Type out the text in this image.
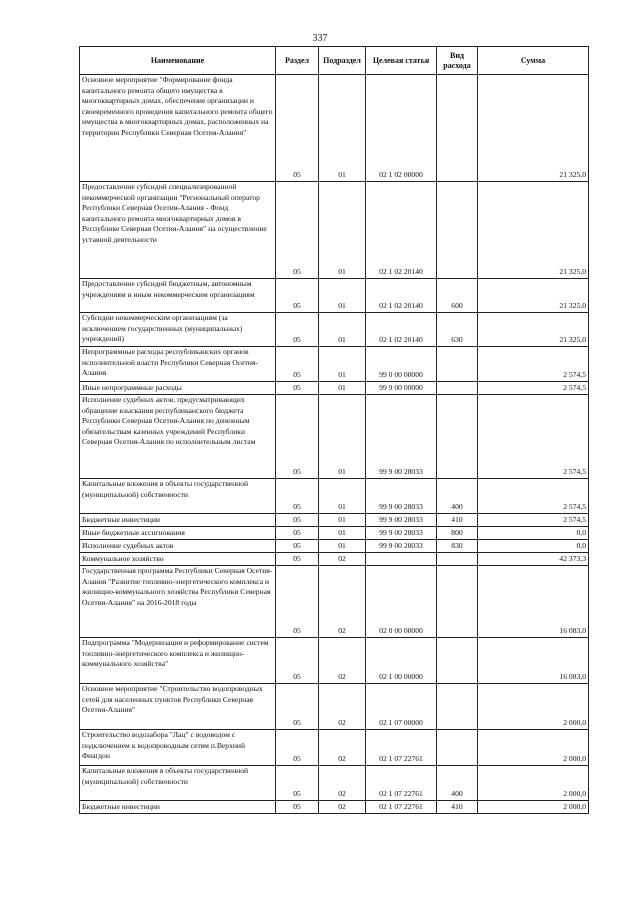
337
Наименование	Раздел	Подраздел	Целевая статья	Вид расхода	Сумма
Основное мероприятие "Формирование фонда капитального ремонта общего имущества в многоквартирных домах, обеспечение организации и своевременного проведения капитального ремонта общего имущества в многоквартирных домах, расположенных на территории Республики Северная Осетия-Алания"	05	01	02 1 02 00000		21 325,0
Предоставление субсидий специализированной некоммерческой организации "Региональный оператор Республики Северная Осетия-Алания - Фонд капитального ремонта многоквартирных домов в Республике Северная Осетия-Алания" на осуществление уставной деятельности	05	01	02 1 02 20140		21 325,0
Предоставление субсидий бюджетным, автономным учреждениям и иным некоммерческим организациям	05	01	02 1 02 20140	600	21 325,0
Субсидии некоммерческим организациям (за исключением государственных (муниципальных) учреждений)	05	01	02 1 02 20140	630	21 325,0
Непрограммные расходы республиканских органов исполнительной власти Республики Северная Осетия-Алания	05	01	99 0 00 00000		2 574,5
Иные непрограммные расходы	05	01	99 9 00 00000		2 574,5
Исполнение судебных актов, предусматривающих обращение взыскания республиканского бюджета Республики Северная Осетия-Алания по денежным обязательствам казенных учреждений Республики Северная Осетия-Алания по исполнительным листам	05	01	99 9 00 28033		2 574,5
Капитальные вложения в объекты государственной (муниципальной) собственности	05	01	99 9 00 28033	400	2 574,5
Бюджетные инвестиции	05	01	99 9 00 28033	410	2 574,5
Иные бюджетные ассигнования	05	01	99 9 00 28033	800	0,0
Исполнение судебных актов	05	01	99 9 00 28033	830	0,0
Коммунальное хозяйство	05	02			42 373,3
Государственная программа Республики Северная Осетия-Алания "Развитие топливно-энергетического комплекса и жилищно-коммунального хозяйства Республики Северная Осетия-Алания" на 2016-2018 годы	05	02	02 0 00 00000		16 083,0
Подпрограмма "Модернизация и реформирование систем топливно-энергетического комплекса и жилищно-коммунального хозяйства"	05	02	02 1 00 00000		16 083,0
Основное мероприятие "Строительство водопроводных сетей для населенных пунктов Республики Северная Осетия-Алания"	05	02	02 1 07 00000		2 000,0
Строительство водозабора "Лац" с водоводом с подключением к водопроводным сетям п.Верхний Фиагдон	05	02	02 1 07 22761		2 000,0
Капитальные вложения в объекты государственной (муниципальной) собственности	05	02	02 1 07 22761	400	2 000,0
Бюджетные инвестиции	05	02	02 1 07 22761	410	2 000,0
